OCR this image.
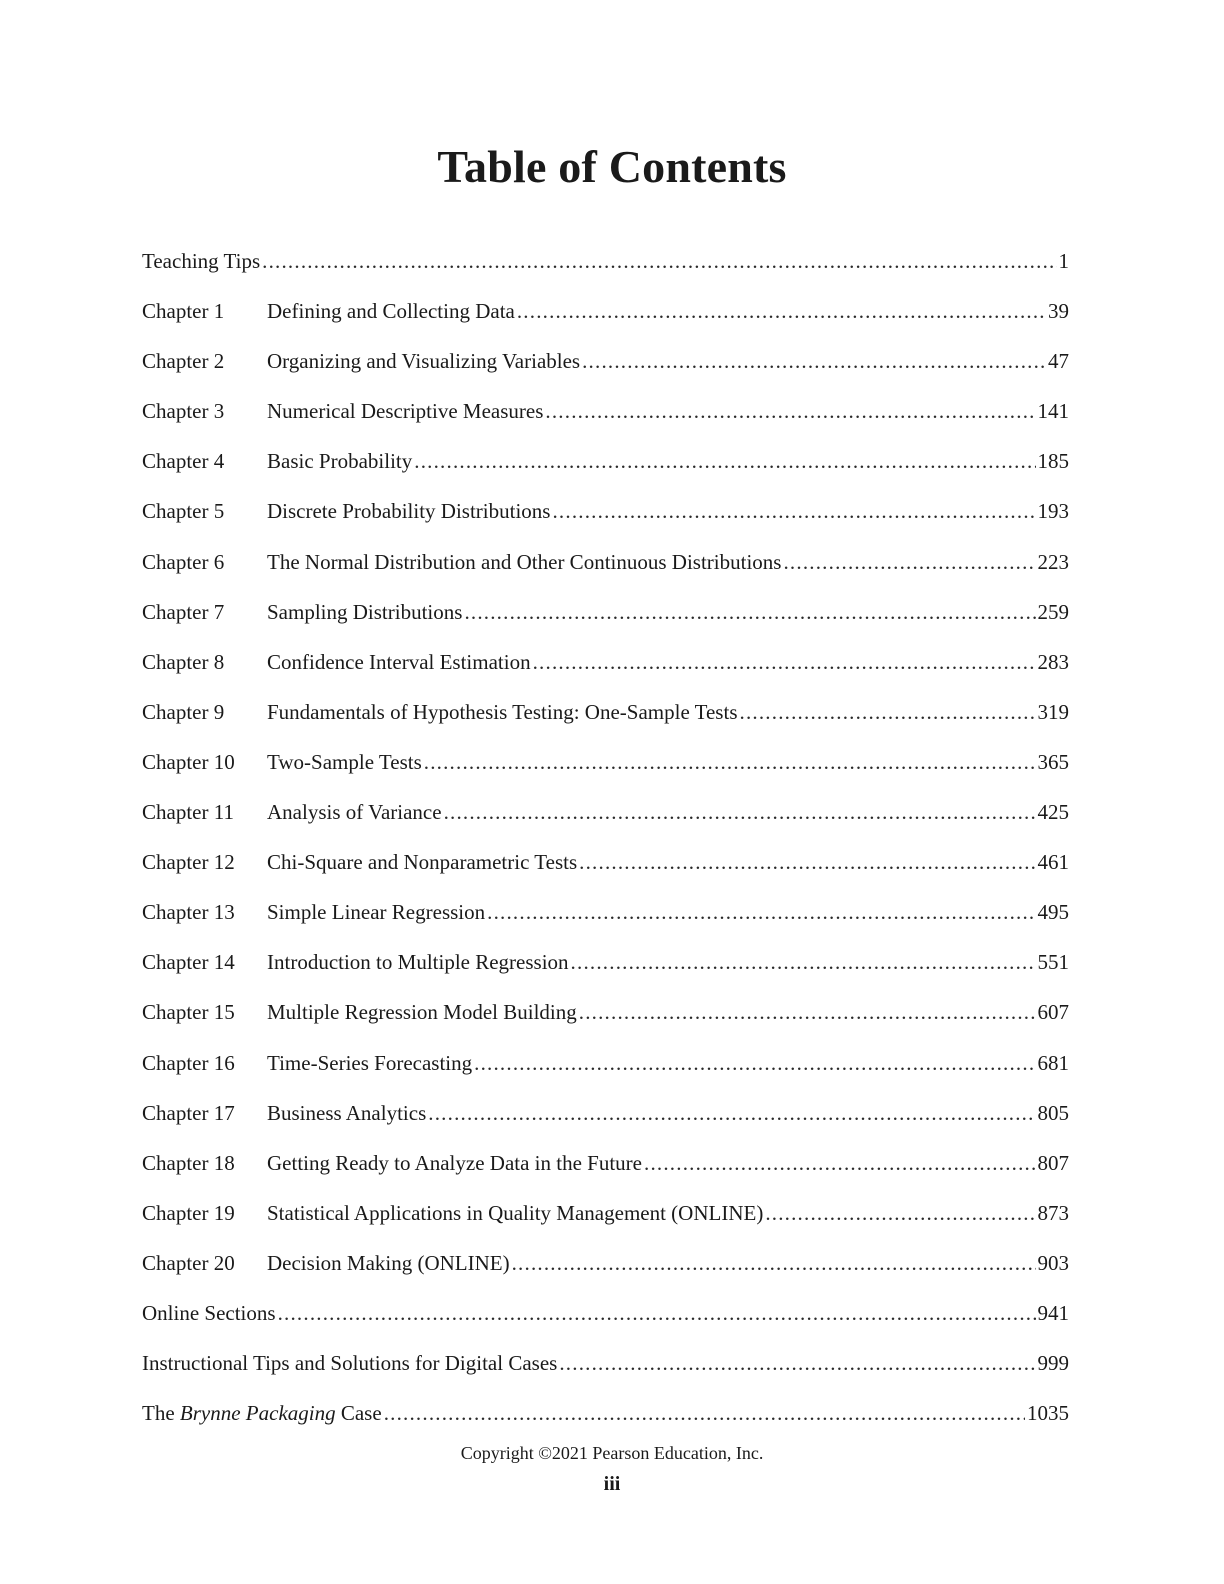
Table of Contents
Teaching Tips .....	1
Chapter 1	Defining and Collecting Data .....	39
Chapter 2	Organizing and Visualizing Variables .....	47
Chapter 3	Numerical Descriptive Measures .....	141
Chapter 4	Basic Probability .....	185
Chapter 5	Discrete Probability Distributions .....	193
Chapter 6	The Normal Distribution and Other Continuous Distributions .....	223
Chapter 7	Sampling Distributions .....	259
Chapter 8	Confidence Interval Estimation .....	283
Chapter 9	Fundamentals of Hypothesis Testing: One-Sample Tests .....	319
Chapter 10	Two-Sample Tests .....	365
Chapter 11	Analysis of Variance .....	425
Chapter 12	Chi-Square and Nonparametric Tests .....	461
Chapter 13	Simple Linear Regression .....	495
Chapter 14	Introduction to Multiple Regression .....	551
Chapter 15	Multiple Regression Model Building .....	607
Chapter 16	Time-Series Forecasting .....	681
Chapter 17	Business Analytics .....	805
Chapter 18	Getting Ready to Analyze Data in the Future .....	807
Chapter 19	Statistical Applications in Quality Management (ONLINE) .....	873
Chapter 20	Decision Making (ONLINE) .....	903
Online Sections .....	941
Instructional Tips and Solutions for Digital Cases .....	999
The Brynne Packaging Case .....	1035
Copyright ©2021 Pearson Education, Inc.
iii
